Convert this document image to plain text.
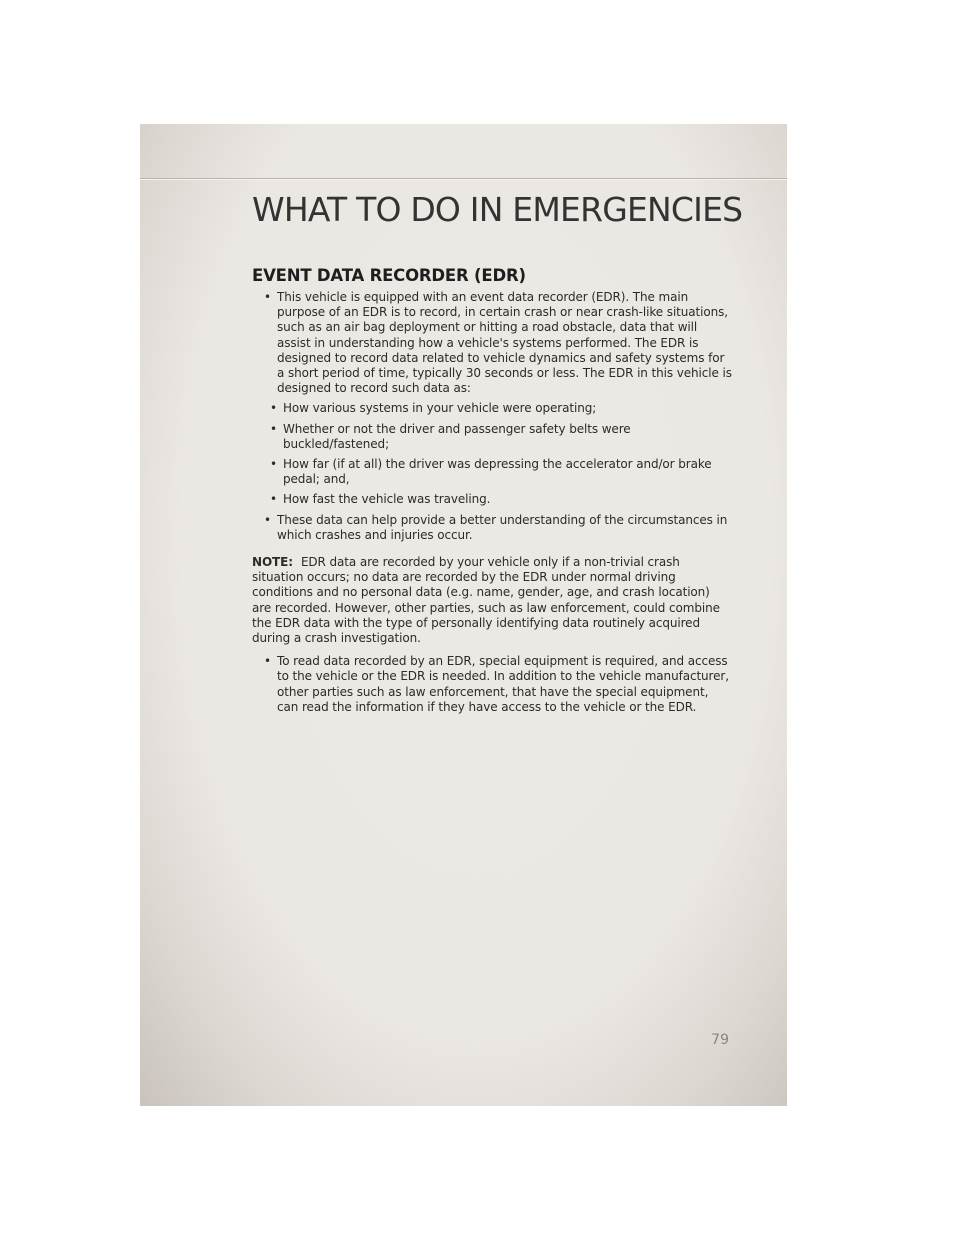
WHAT TO DO IN EMERGENCIES
EVENT DATA RECORDER (EDR)
• This vehicle is equipped with an event data recorder (EDR). The main purpose of an EDR is to record, in certain crash or near crash-like situations, such as an air bag deployment or hitting a road obstacle, data that will assist in understanding how a vehicle's systems performed. The EDR is designed to record data related to vehicle dynamics and safety systems for a short period of time, typically 30 seconds or less. The EDR in this vehicle is designed to record such data as:
• How various systems in your vehicle were operating;
• Whether or not the driver and passenger safety belts were buckled/fastened;
• How far (if at all) the driver was depressing the accelerator and/or brake pedal; and,
• How fast the vehicle was traveling.
• These data can help provide a better understanding of the circumstances in which crashes and injuries occur.

NOTE: EDR data are recorded by your vehicle only if a non-trivial crash situation occurs; no data are recorded by the EDR under normal driving conditions and no personal data (e.g. name, gender, age, and crash location) are recorded. However, other parties, such as law enforcement, could combine the EDR data with the type of personally identifying data routinely acquired during a crash investigation.

• To read data recorded by an EDR, special equipment is required, and access to the vehicle or the EDR is needed. In addition to the vehicle manufacturer, other parties such as law enforcement, that have the special equipment, can read the information if they have access to the vehicle or the EDR.
79
